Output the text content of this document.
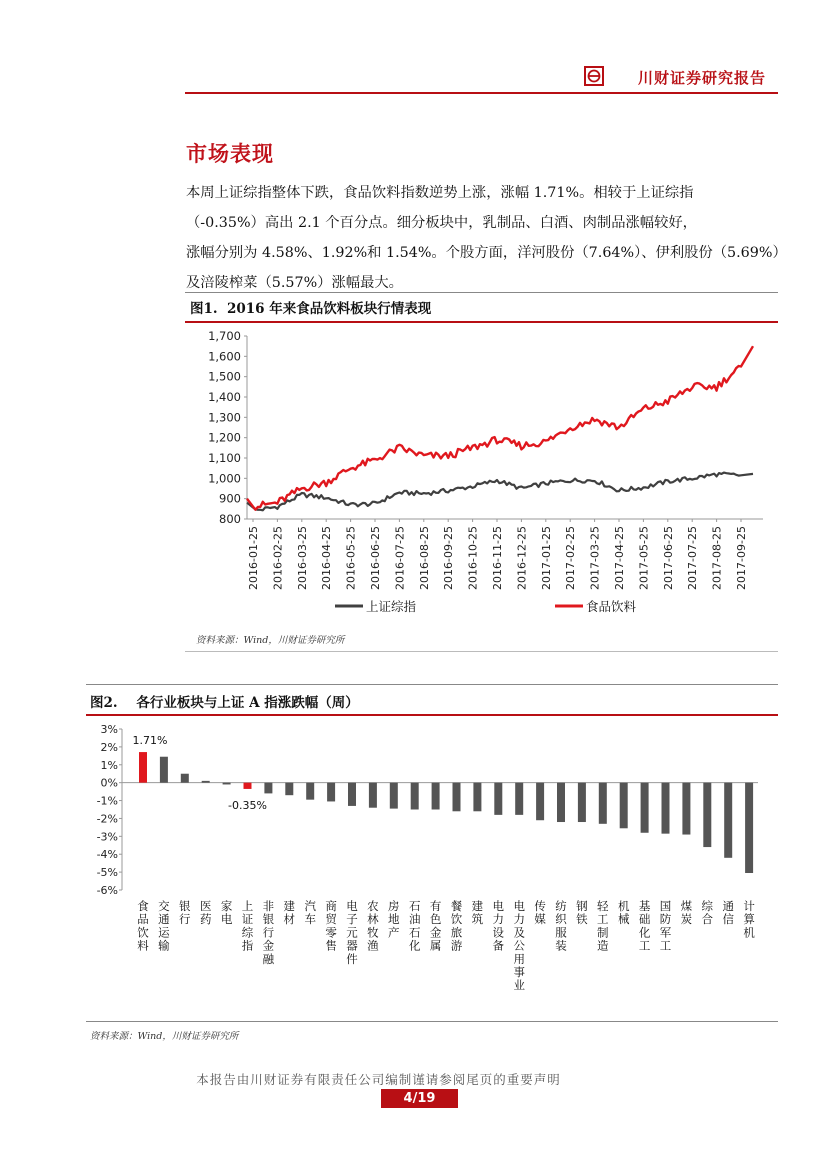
川财证券研究报告
市场表现
本周上证综指整体下跌，食品饮料指数逆势上涨，涨幅 1.71%。相较于上证综指
（-0.35%）高出 2.1 个百分点。细分板块中，乳制品、白酒、肉制品涨幅较好，
涨幅分别为 4.58%、1.92%和 1.54%。个股方面，洋河股份（7.64%）、伊利股份（5.69%）
及涪陵榨菜（5.57%）涨幅最大。
图1. 2016 年来食品饮料板块行情表现
800
900
1,000
1,100
1,200
1,300
1,400
1,500
1,600
1,700
2016-01-25 2016-02-25 2016-03-25 2016-04-25 2016-05-25 2016-06-25 2016-07-25 2016-08-25 2016-09-25 2016-10-25 2016-11-25 2016-12-25 2017-01-25 2017-02-25 2017-03-25 2017-04-25 2017-05-25 2017-06-25 2017-07-25 2017-08-25 2017-09-25
上证综指	食品饮料
资料来源：Wind，川财证券研究所
图2. 各行业板块与上证 A 指涨跌幅（周）
3%
2%
1%
0%
-1%
-2%
-3%
-4%
-5%
-6%
食品饮料
交通运输
银行
医药
家电
上证综指
非银行金融
建材
汽车
商贸零售
电子元器件
农林牧渔
房地产
石油石化
有色金属
餐饮旅游
建筑
电力设备
电力及公用事业
传媒
纺织服装
钢铁
轻工制造
机械
基础化工
国防军工
煤炭
综合
通信
计算机
1.71%
-0.35%
资料来源：Wind，川财证券研究所
本报告由川财证券有限责任公司编制谨请参阅尾页的重要声明
4/19
